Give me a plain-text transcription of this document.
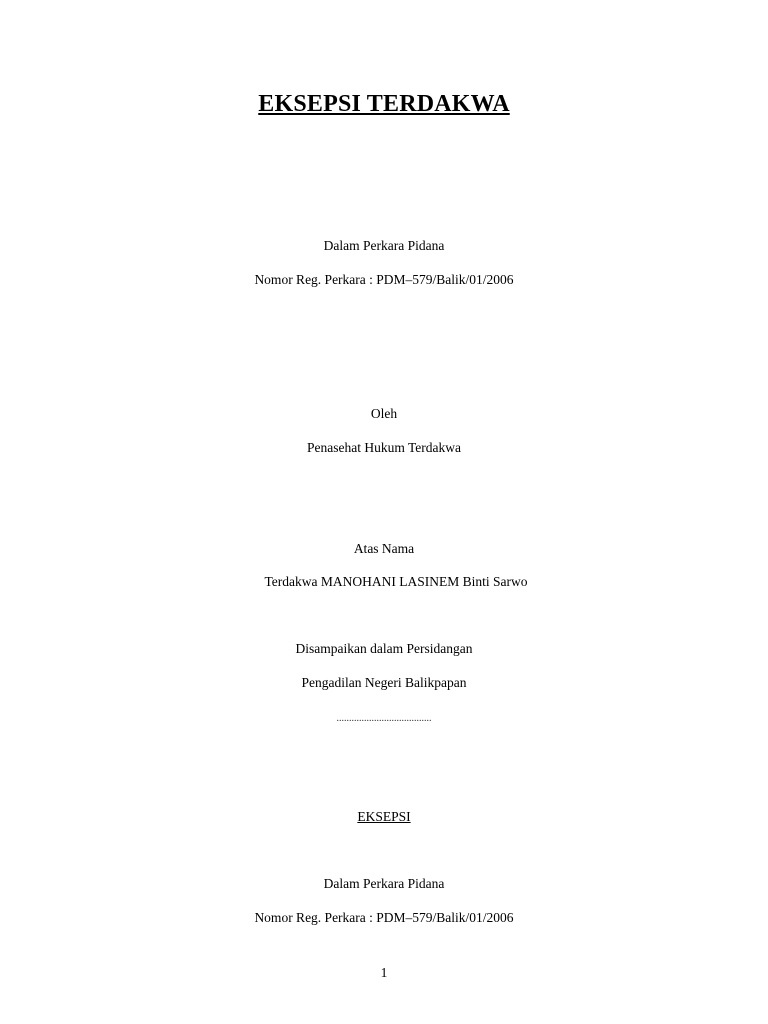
EKSEPSI TERDAKWA
Dalam Perkara Pidana
Nomor Reg. Perkara : PDM–579/Balik/01/2006
Oleh
Penasehat Hukum Terdakwa
Atas Nama
Terdakwa MANOHANI LASINEM Binti Sarwo
Disampaikan dalam Persidangan
Pengadilan Negeri Balikpapan
......................................
EKSEPSI
Dalam Perkara Pidana
Nomor Reg. Perkara : PDM–579/Balik/01/2006
1
